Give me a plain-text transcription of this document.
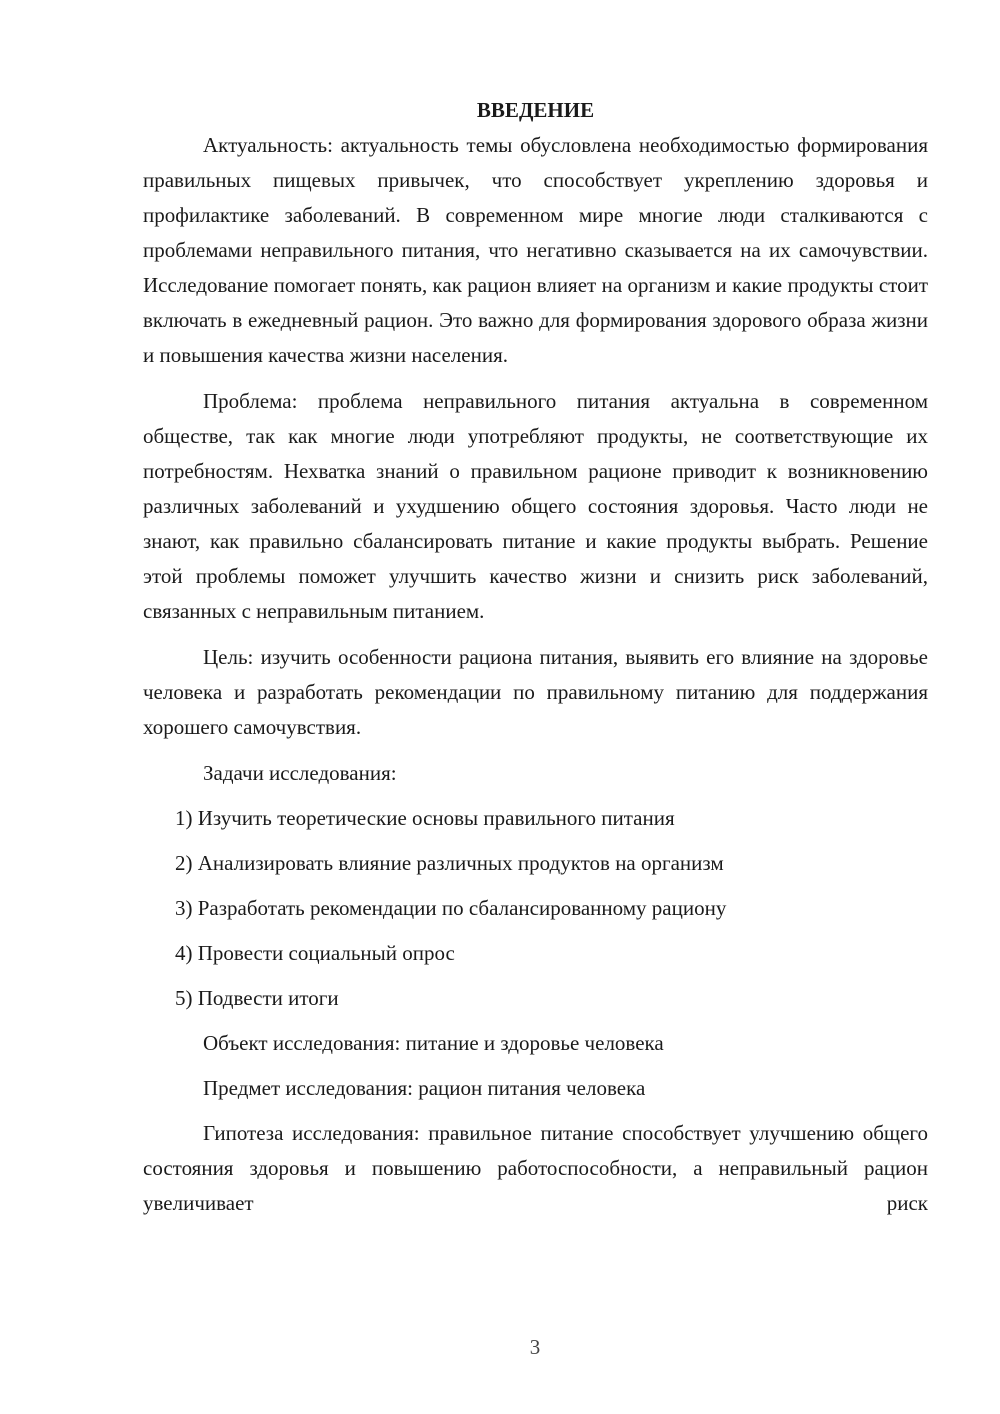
ВВЕДЕНИЕ

Актуальность: актуальность темы обусловлена необходимостью формирования правильных пищевых привычек, что способствует укреплению здоровья и профилактике заболеваний. В современном мире многие люди сталкиваются с проблемами неправильного питания, что негативно сказывается на их самочувствии. Исследование помогает понять, как рацион влияет на организм и какие продукты стоит включать в ежедневный рацион. Это важно для формирования здорового образа жизни и повышения качества жизни населения.

Проблема: проблема неправильного питания актуальна в современном обществе, так как многие люди употребляют продукты, не соответствующие их потребностям. Нехватка знаний о правильном рационе приводит к возникновению различных заболеваний и ухудшению общего состояния здоровья. Часто люди не знают, как правильно сбалансировать питание и какие продукты выбрать. Решение этой проблемы поможет улучшить качество жизни и снизить риск заболеваний, связанных с неправильным питанием.

Цель: изучить особенности рациона питания, выявить его влияние на здоровье человека и разработать рекомендации по правильному питанию для поддержания хорошего самочувствия.

Задачи исследования:

1) Изучить теоретические основы правильного питания
2) Анализировать влияние различных продуктов на организм
3) Разработать рекомендации по сбалансированному рациону
4) Провести социальный опрос
5) Подвести итоги

Объект исследования: питание и здоровье человека

Предмет исследования: рацион питания человека

Гипотеза исследования: правильное питание способствует улучшению общего состояния здоровья и повышению работоспособности, а неправильный рацион увеличивает риск

3
